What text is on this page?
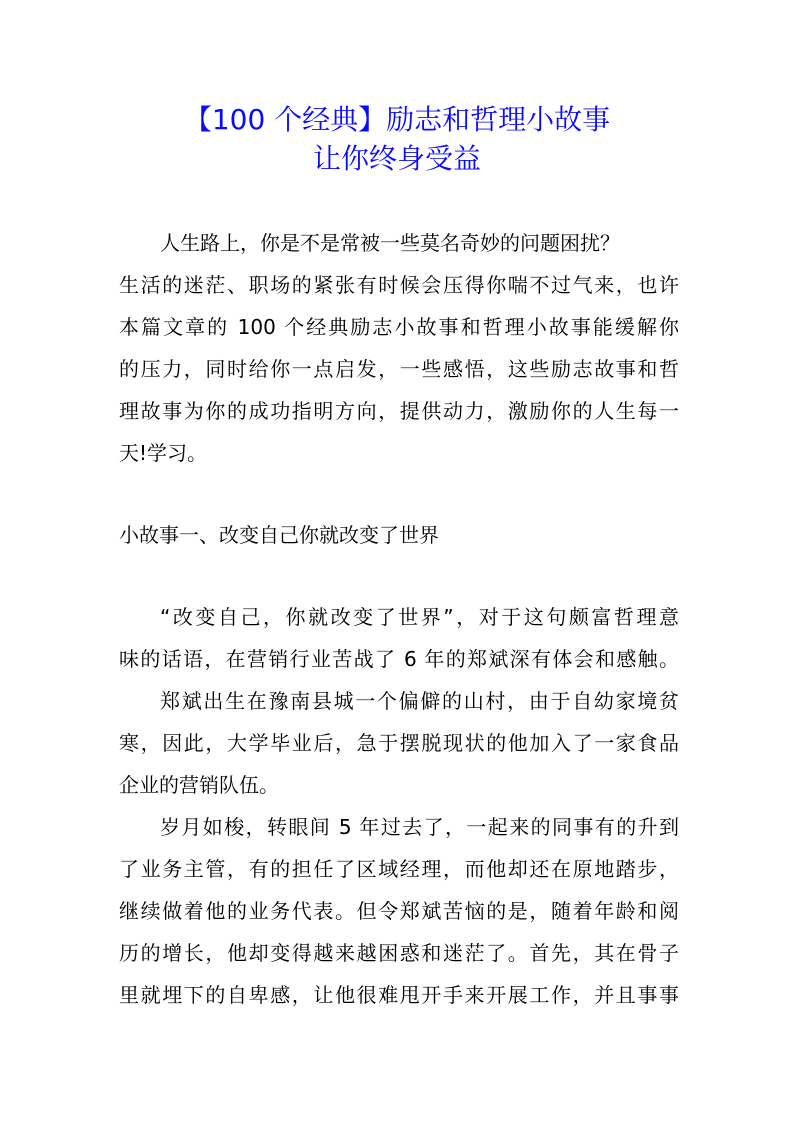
【100 个经典】励志和哲理小故事
让你终身受益
人生路上，你是不是常被一些莫名奇妙的问题困扰？
生活的迷茫、职场的紧张有时候会压得你喘不过气来，也许
本篇文章的 100 个经典励志小故事和哲理小故事能缓解你
的压力，同时给你一点启发，一些感悟，这些励志故事和哲
理故事为你的成功指明方向，提供动力，激励你的人生每一
天!学习。
小故事一、改变自己你就改变了世界
“改变自己，你就改变了世界”，对于这句颇富哲理意
味的话语，在营销行业苦战了 6 年的郑斌深有体会和感触。
郑斌出生在豫南县城一个偏僻的山村，由于自幼家境贫
寒，因此，大学毕业后，急于摆脱现状的他加入了一家食品
企业的营销队伍。
岁月如梭，转眼间 5 年过去了，一起来的同事有的升到
了业务主管，有的担任了区域经理，而他却还在原地踏步，
继续做着他的业务代表。但令郑斌苦恼的是，随着年龄和阅
历的增长，他却变得越来越困惑和迷茫了。首先，其在骨子
里就埋下的自卑感，让他很难甩开手来开展工作，并且事事
